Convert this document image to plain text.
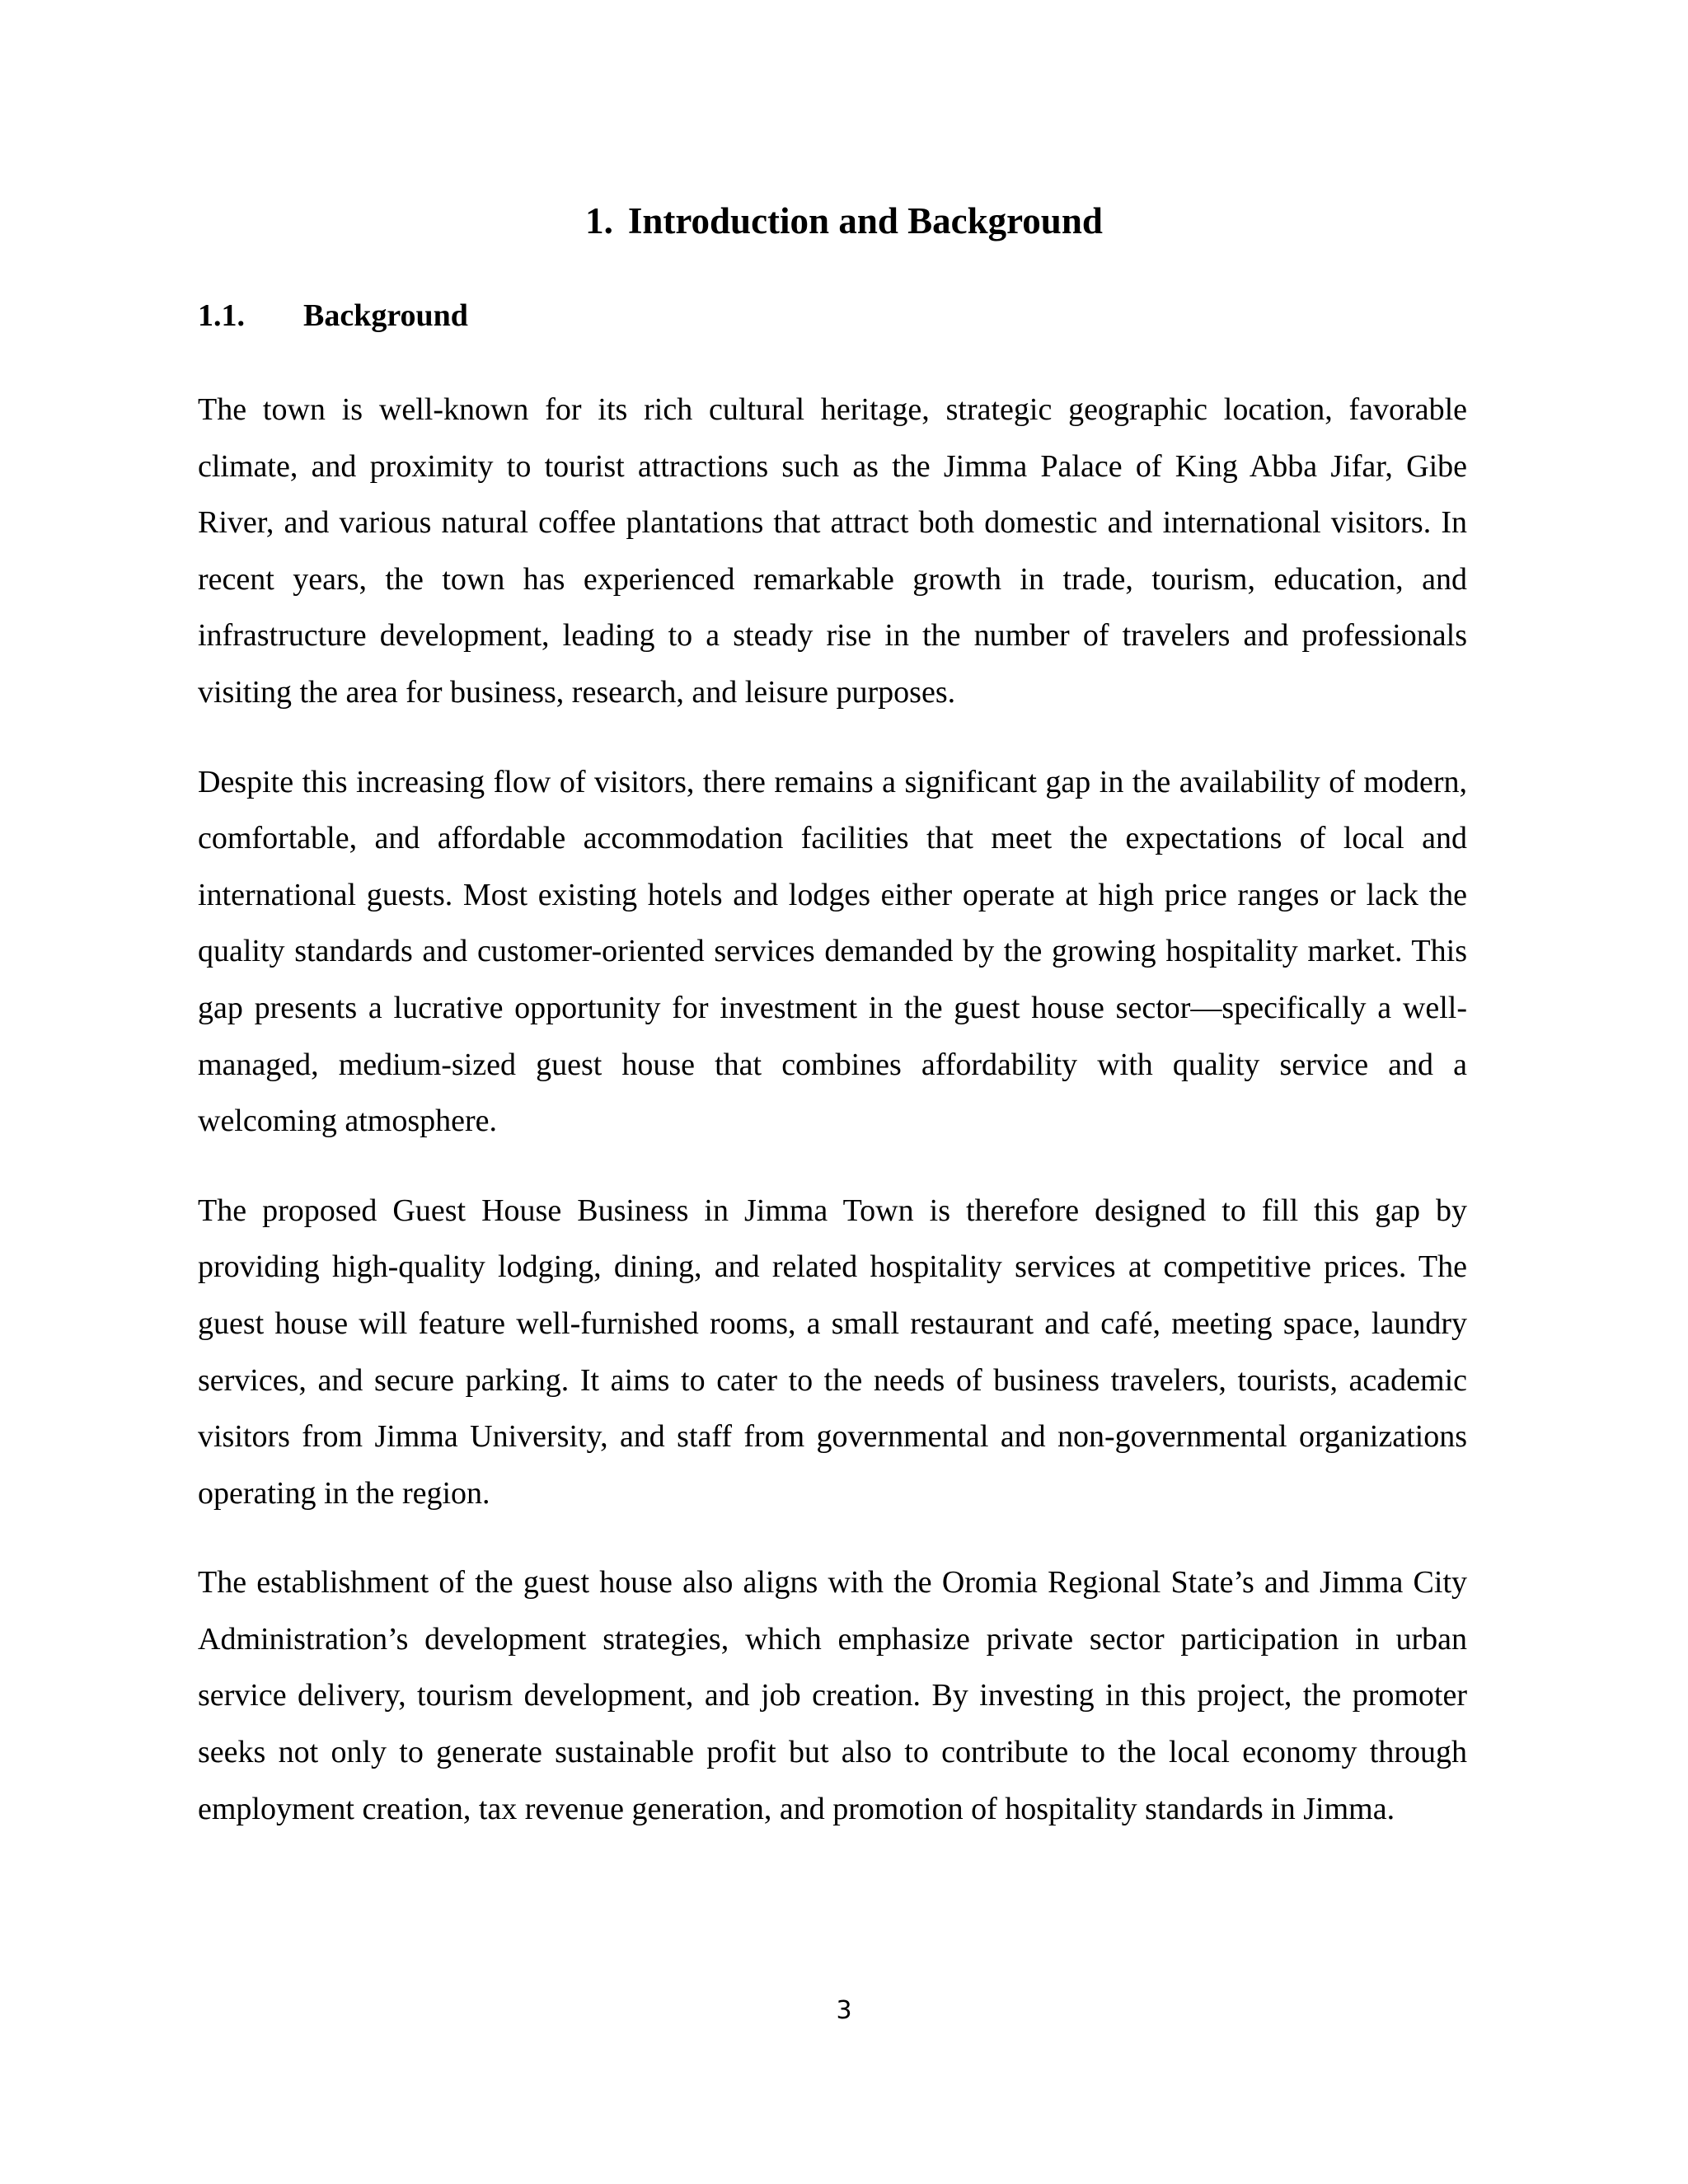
1. Introduction and Background
1.1. Background

The town is well-known for its rich cultural heritage, strategic geographic location, favorable climate, and proximity to tourist attractions such as the Jimma Palace of King Abba Jifar, Gibe River, and various natural coffee plantations that attract both domestic and international visitors. In recent years, the town has experienced remarkable growth in trade, tourism, education, and infrastructure development, leading to a steady rise in the number of travelers and professionals visiting the area for business, research, and leisure purposes.

Despite this increasing flow of visitors, there remains a significant gap in the availability of modern, comfortable, and affordable accommodation facilities that meet the expectations of local and international guests. Most existing hotels and lodges either operate at high price ranges or lack the quality standards and customer-oriented services demanded by the growing hospitality market. This gap presents a lucrative opportunity for investment in the guest house sector—specifically a well-managed, medium-sized guest house that combines affordability with quality service and a welcoming atmosphere.

The proposed Guest House Business in Jimma Town is therefore designed to fill this gap by providing high-quality lodging, dining, and related hospitality services at competitive prices. The guest house will feature well-furnished rooms, a small restaurant and café, meeting space, laundry services, and secure parking. It aims to cater to the needs of business travelers, tourists, academic visitors from Jimma University, and staff from governmental and non-governmental organizations operating in the region.

The establishment of the guest house also aligns with the Oromia Regional State’s and Jimma City Administration’s development strategies, which emphasize private sector participation in urban service delivery, tourism development, and job creation. By investing in this project, the promoter seeks not only to generate sustainable profit but also to contribute to the local economy through employment creation, tax revenue generation, and promotion of hospitality standards in Jimma.

3
